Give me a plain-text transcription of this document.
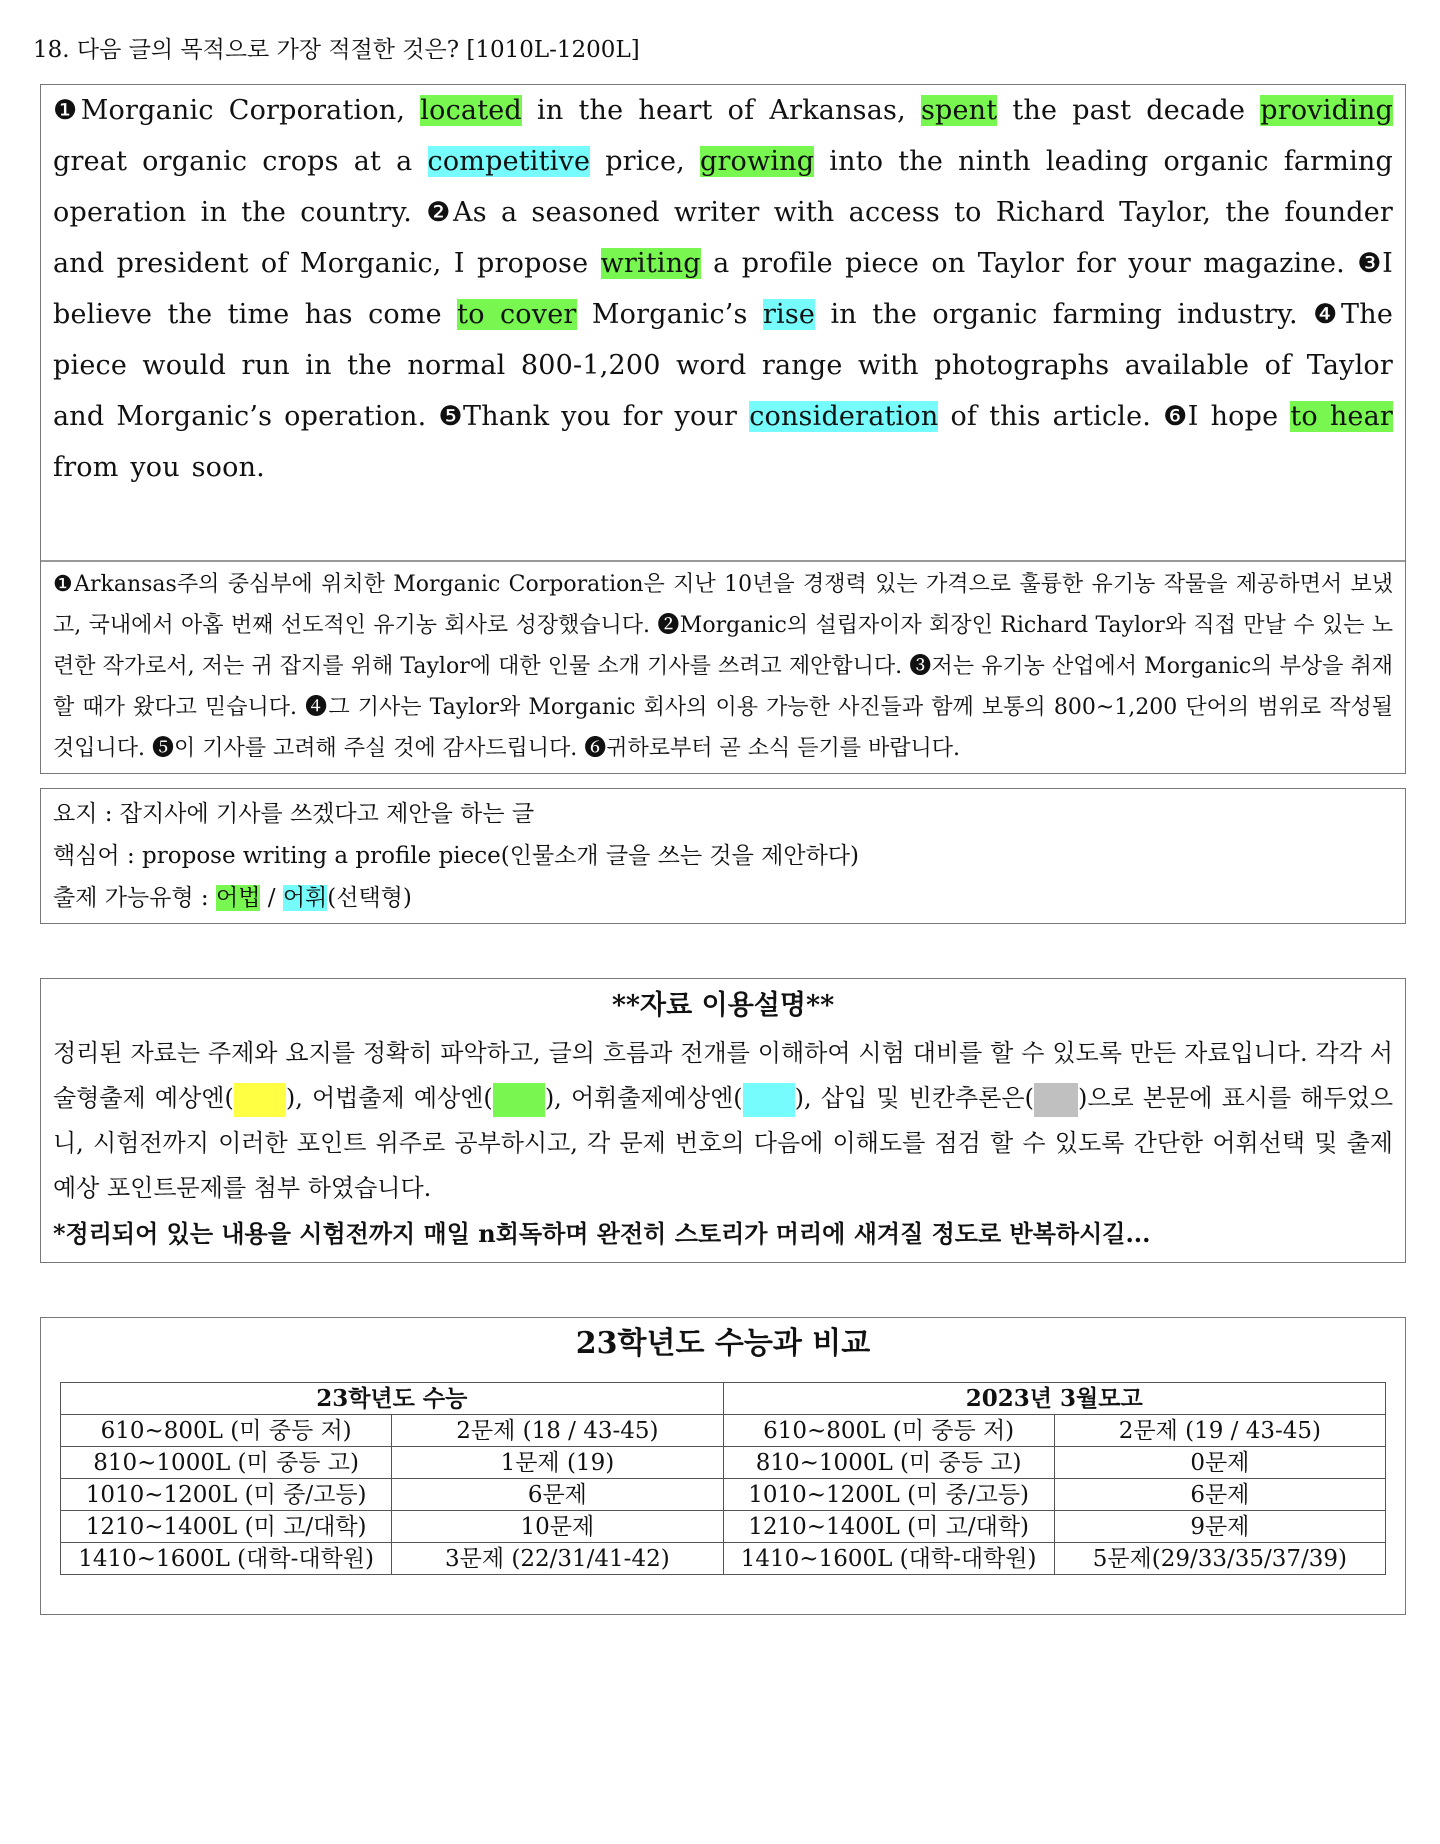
18. 다음 글의 목적으로 가장 적절한 것은? [1010L-1200L]
❶Morganic Corporation, located in the heart of Arkansas, spent the past decade providing great organic crops at a competitive price, growing into the ninth leading organic farming operation in the country. ❷As a seasoned writer with access to Richard Taylor, the founder and president of Morganic, I propose writing a profile piece on Taylor for your magazine. ❸I believe the time has come to cover Morganic’s rise in the organic farming industry. ❹The piece would run in the normal 800-1,200 word range with photographs available of Taylor and Morganic’s operation. ❺Thank you for your consideration of this article. ❻I hope to hear from you soon.
❶Arkansas주의 중심부에 위치한 Morganic Corporation은 지난 10년을 경쟁력 있는 가격으로 훌륭한 유기농 작물을 제공하면서 보냈고, 국내에서 아홉 번째 선도적인 유기농 회사로 성장했습니다. ❷Morganic의 설립자이자 회장인 Richard Taylor와 직접 만날 수 있는 노련한 작가로서, 저는 귀 잡지를 위해 Taylor에 대한 인물 소개 기사를 쓰려고 제안합니다. ❸저는 유기농 산업에서 Morganic의 부상을 취재할 때가 왔다고 믿습니다. ❹그 기사는 Taylor와 Morganic 회사의 이용 가능한 사진들과 함께 보통의 800~1,200 단어의 범위로 작성될 것입니다. ❺이 기사를 고려해 주실 것에 감사드립니다. ❻귀하로부터 곧 소식 듣기를 바랍니다.
요지 : 잡지사에 기사를 쓰겠다고 제안을 하는 글
핵심어 : propose writing a profile piece(인물소개 글을 쓰는 것을 제안하다)
출제 가능유형 : 어법 / 어휘(선택형)
**자료 이용설명**
정리된 자료는 주제와 요지를 정확히 파악하고, 글의 흐름과 전개를 이해하여 시험 대비를 할 수 있도록 만든 자료입니다. 각각 서술형출제 예상엔( ), 어법출제 예상엔( ), 어휘출제예상엔( ), 삽입 및 빈칸추론은( )으로 본문에 표시를 해두었으니, 시험전까지 이러한 포인트 위주로 공부하시고, 각 문제 번호의 다음에 이해도를 점검 할 수 있도록 간단한 어휘선택 및 출제 예상 포인트문제를 첨부 하였습니다.
*정리되어 있는 내용을 시험전까지 매일 n회독하며 완전히 스토리가 머리에 새겨질 정도로 반복하시길...
23학년도 수능과 비교
23학년도 수능		2023년 3월모고	
610~800L (미 중등 저)	2문제 (18 / 43-45)	610~800L (미 중등 저)	2문제 (19 / 43-45)
810~1000L (미 중등 고)	1문제 (19)	810~1000L (미 중등 고)	0문제
1010~1200L (미 중/고등)	6문제	1010~1200L (미 중/고등)	6문제
1210~1400L (미 고/대학)	10문제	1210~1400L (미 고/대학)	9문제
1410~1600L (대학-대학원)	3문제 (22/31/41-42)	1410~1600L (대학-대학원)	5문제(29/33/35/37/39)
